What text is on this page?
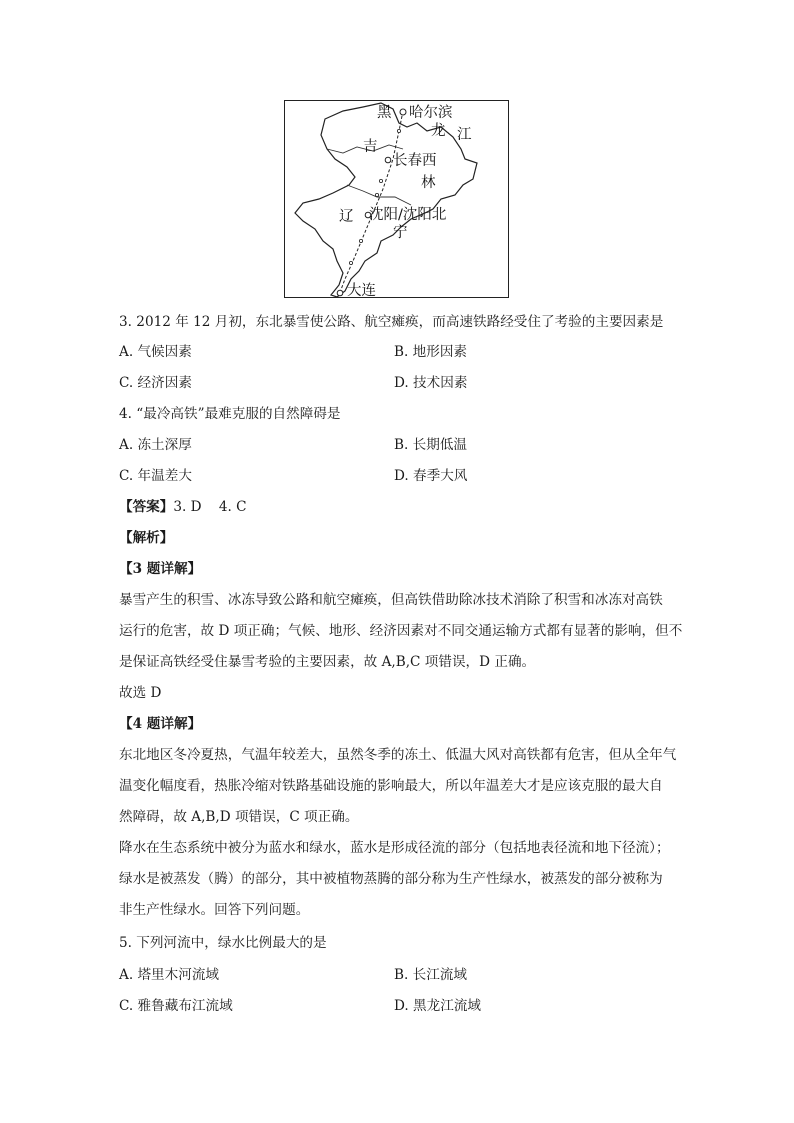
黑 哈尔滨
龙 江
吉
长春西
林
辽 沈阳/沈阳北
宁
大连
3. 2012 年 12 月初，东北暴雪使公路、航空瘫痪，而高速铁路经受住了考验的主要因素是
A. 气候因素	B. 地形因素
C. 经济因素	D. 技术因素
4. “最冷高铁”最难克服的自然障碍是
A. 冻土深厚	B. 长期低温
C. 年温差大	D. 春季大风
【答案】3. D    4. C
【解析】
【3 题详解】
暴雪产生的积雪、冰冻导致公路和航空瘫痪，但高铁借助除冰技术消除了积雪和冰冻对高铁
运行的危害，故 D 项正确；气候、地形、经济因素对不同交通运输方式都有显著的影响，但不
是保证高铁经受住暴雪考验的主要因素，故 A,B,C 项错误，D 正确。
故选 D
【4 题详解】
东北地区冬冷夏热，气温年较差大，虽然冬季的冻土、低温大风对高铁都有危害，但从全年气
温变化幅度看，热胀冷缩对铁路基础设施的影响最大，所以年温差大才是应该克服的最大自
然障碍，故 A,B,D 项错误，C 项正确。
降水在生态系统中被分为蓝水和绿水，蓝水是形成径流的部分（包括地表径流和地下径流）；
绿水是被蒸发（腾）的部分，其中被植物蒸腾的部分称为生产性绿水，被蒸发的部分被称为
非生产性绿水。回答下列问题。
5. 下列河流中，绿水比例最大的是
A. 塔里木河流域	B. 长江流域
C. 雅鲁藏布江流域	D. 黑龙江流域
